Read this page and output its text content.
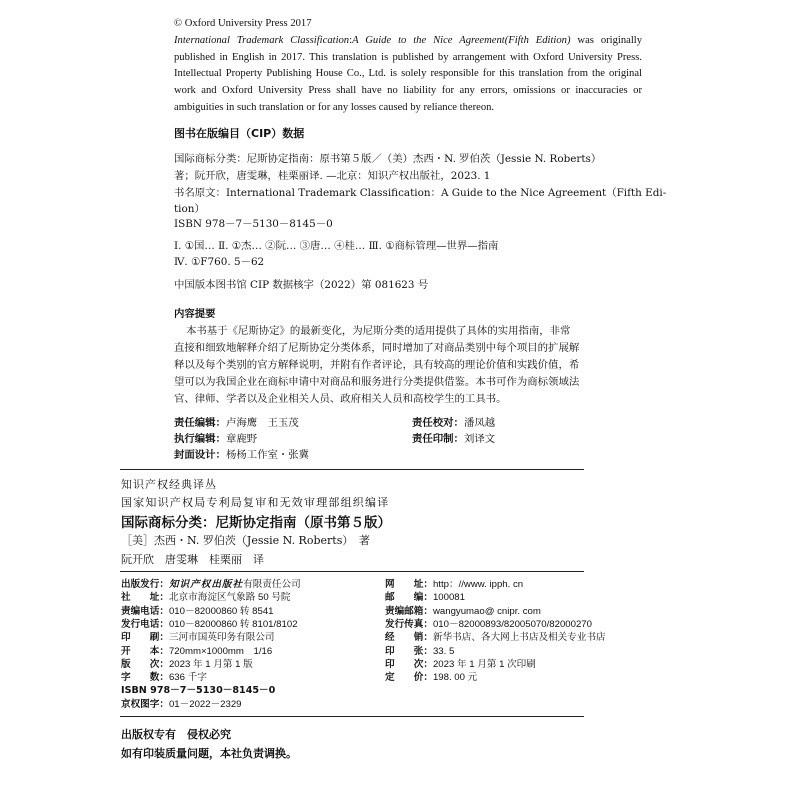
© Oxford University Press 2017

International Trademark Classification:A Guide to the Nice Agreement(Fifth Edition) was originally published in English in 2017. This translation is published by arrangement with Oxford University Press. Intellectual Property Publishing House Co., Ltd. is solely responsible for this translation from the original work and Oxford University Press shall have no liability for any errors, omissions or inaccuracies or ambiguities in such translation or for any losses caused by reliance thereon.

图书在版编目（CIP）数据
国际商标分类：尼斯协定指南：原书第５版／（美）杰西・N. 罗伯茨（Jessie N. Roberts）
著；阮开欣，唐雯琳，桂栗丽译. —北京：知识产权出版社，2023. 1
书名原文：International Trademark Classification：A Guide to the Nice Agreement（Fifth Edi-
tion）
ISBN 978－7－5130－8145－0
Ⅰ. ①国… Ⅱ. ①杰… ②阮… ③唐… ④桂… Ⅲ. ①商标管理—世界—指南
Ⅳ. ①F760. 5－62
中国版本图书馆 CIP 数据核字（2022）第 081623 号
内容提要
本书基于《尼斯协定》的最新变化，为尼斯分类的适用提供了具体的实用指南，非常
直接和细致地解释介绍了尼斯协定分类体系，同时增加了对商品类别中每个项目的扩展解
释以及每个类别的官方解释说明，并附有作者评论，具有较高的理论价值和实践价值，希
望可以为我国企业在商标申请中对商品和服务进行分类提供借鉴。本书可作为商标领域法
官、律师、学者以及企业相关人员、政府相关人员和高校学生的工具书。
责任编辑：卢海鹰　王玉茂	责任校对：潘凤越
执行编辑：章鹿野	责任印制：刘译文
封面设计：杨杨工作室・张冀
知识产权经典译丛
国家知识产权局专利局复审和无效审理部组织编译
国际商标分类：尼斯协定指南（原书第５版）
［美］杰西・N. 罗伯茨（Jessie N. Roberts）　著
阮开欣　唐雯琳　桂栗丽　译
出版发行：知识产权出版社有限责任公司
社　　址：北京市海淀区气象路 50 号院
责编电话：010－82000860 转 8541
发行电话：010－82000860 转 8101/8102
印　　刷：三河市国英印务有限公司
开　　本：720mm×1000mm　1/16
版　　次：2023 年 1 月第 1 版
字　　数：636 千字
ISBN 978－7－5130－8145－0
京权图字：01－2022－2329
网　　址：http：//www. ipph. cn
邮　　编：100081
责编邮箱：wangyumao@ cnipr. com
发行传真：010－82000893/82005070/82000270
经　　销：新华书店、各大网上书店及相关专业书店
印　　张：33. 5
印　　次：2023 年 1 月第 1 次印刷
定　　价：198. 00 元
出版权专有　侵权必究
如有印装质量问题，本社负责调换。
